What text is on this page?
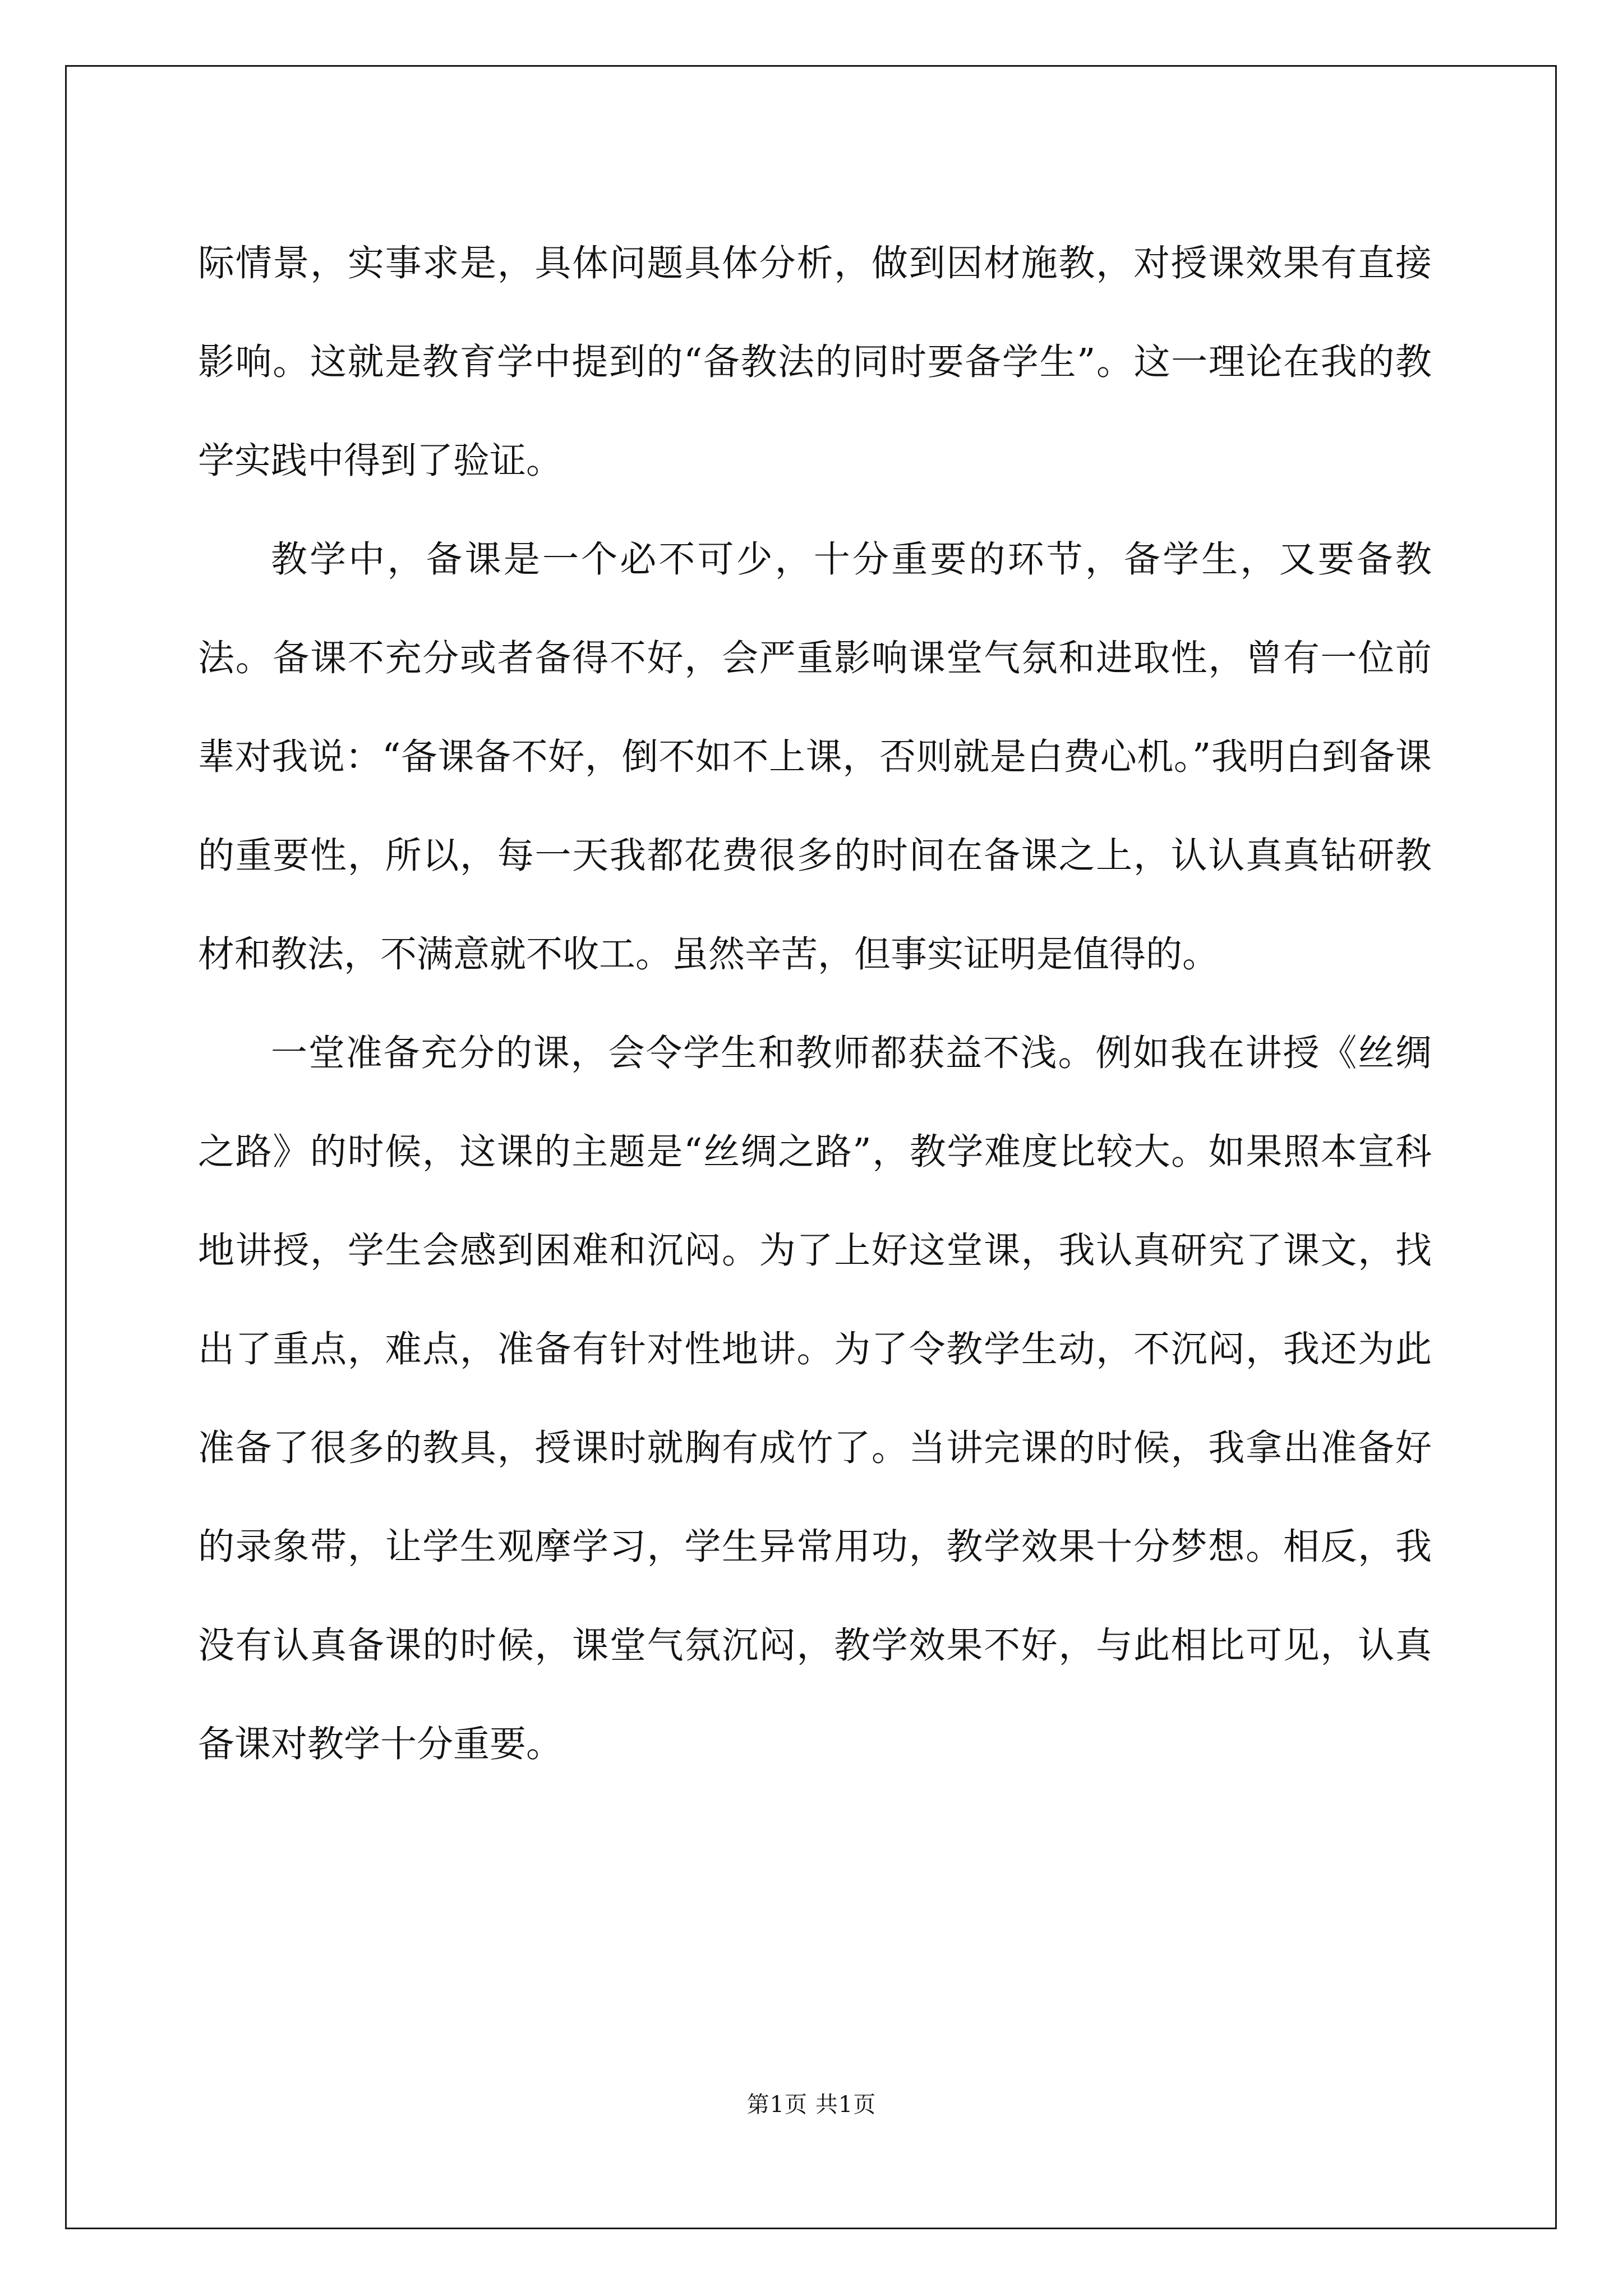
际情景，实事求是，具体问题具体分析，做到因材施教，对授课效果有直接影响。这就是教育学中提到的“备教法的同时要备学生”。这一理论在我的教学实践中得到了验证。

教学中，备课是一个必不可少，十分重要的环节，备学生，又要备教法。备课不充分或者备得不好，会严重影响课堂气氛和进取性，曾有一位前辈对我说：“备课备不好，倒不如不上课，否则就是白费心机。”我明白到备课的重要性，所以，每一天我都花费很多的时间在备课之上，认认真真钻研教材和教法，不满意就不收工。虽然辛苦，但事实证明是值得的。

一堂准备充分的课，会令学生和教师都获益不浅。例如我在讲授《丝绸之路》的时候，这课的主题是“丝绸之路”，教学难度比较大。如果照本宣科地讲授，学生会感到困难和沉闷。为了上好这堂课，我认真研究了课文，找出了重点，难点，准备有针对性地讲。为了令教学生动，不沉闷，我还为此准备了很多的教具，授课时就胸有成竹了。当讲完课的时候，我拿出准备好的录象带，让学生观摩学习，学生异常用功，教学效果十分梦想。相反，我没有认真备课的时候，课堂气氛沉闷，教学效果不好，与此相比可见，认真备课对教学十分重要。

第1页 共1页
